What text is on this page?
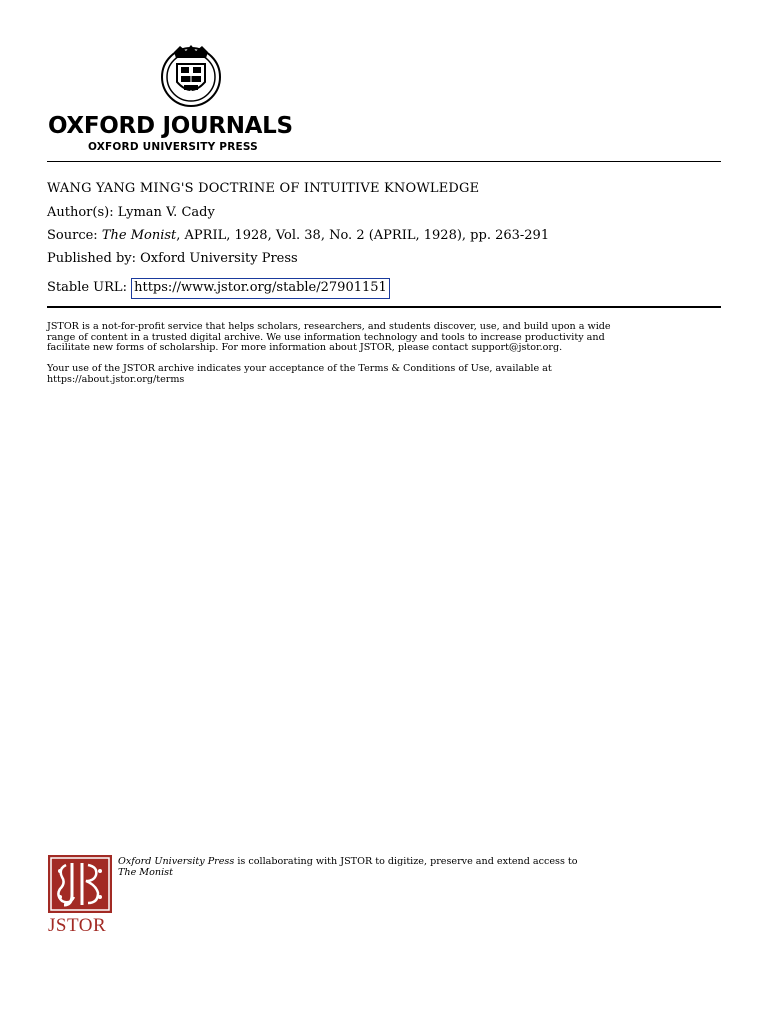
OXFORD JOURNALS
OXFORD UNIVERSITY PRESS
WANG YANG MING'S DOCTRINE OF INTUITIVE KNOWLEDGE
Author(s): Lyman V. Cady
Source: The Monist, APRIL, 1928, Vol. 38, No. 2 (APRIL, 1928), pp. 263-291
Published by: Oxford University Press
Stable URL: https://www.jstor.org/stable/27901151
JSTOR is a not-for-profit service that helps scholars, researchers, and students discover, use, and build upon a wide
range of content in a trusted digital archive. We use information technology and tools to increase productivity and
facilitate new forms of scholarship. For more information about JSTOR, please contact support@jstor.org.
Your use of the JSTOR archive indicates your acceptance of the Terms & Conditions of Use, available at
https://about.jstor.org/terms
JSTOR
Oxford University Press is collaborating with JSTOR to digitize, preserve and extend access to
The Monist
